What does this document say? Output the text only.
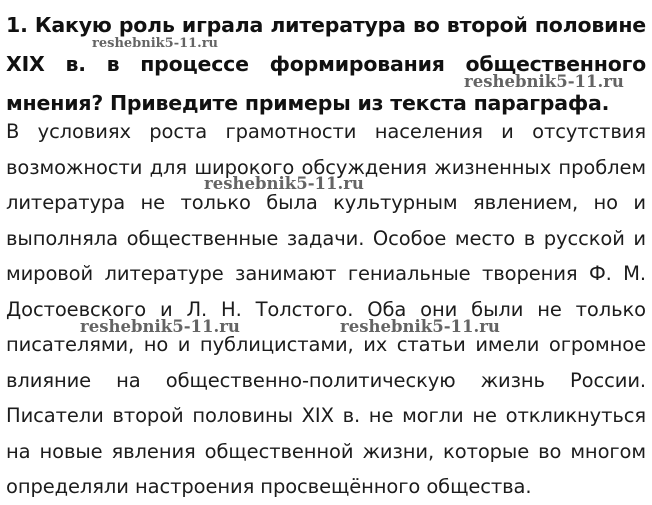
1. Какую роль играла литература во второй половине XIX в. в процессе формирования общественного мнения? Приведите примеры из текста параграфа.
В условиях роста грамотности населения и отсутствия возможности для широкого обсуждения жизненных проблем литература не только была культурным явлением, но и выполняла общественные задачи. Особое место в русской и мировой литературе занимают гениальные творения Ф. М. Достоевского и Л. Н. Толстого. Оба они были не только писателями, но и публицистами, их статьи имели огромное влияние на общественно-политическую жизнь России. Писатели второй половины XIX в. не могли не откликнуться на новые явления общественной жизни, которые во многом определяли настроения просвещённого общества.
reshebnik5-11.ru
reshebnik5-11.ru
reshebnik5-11.ru
reshebnik5-11.ru	reshebnik5-11.ru
